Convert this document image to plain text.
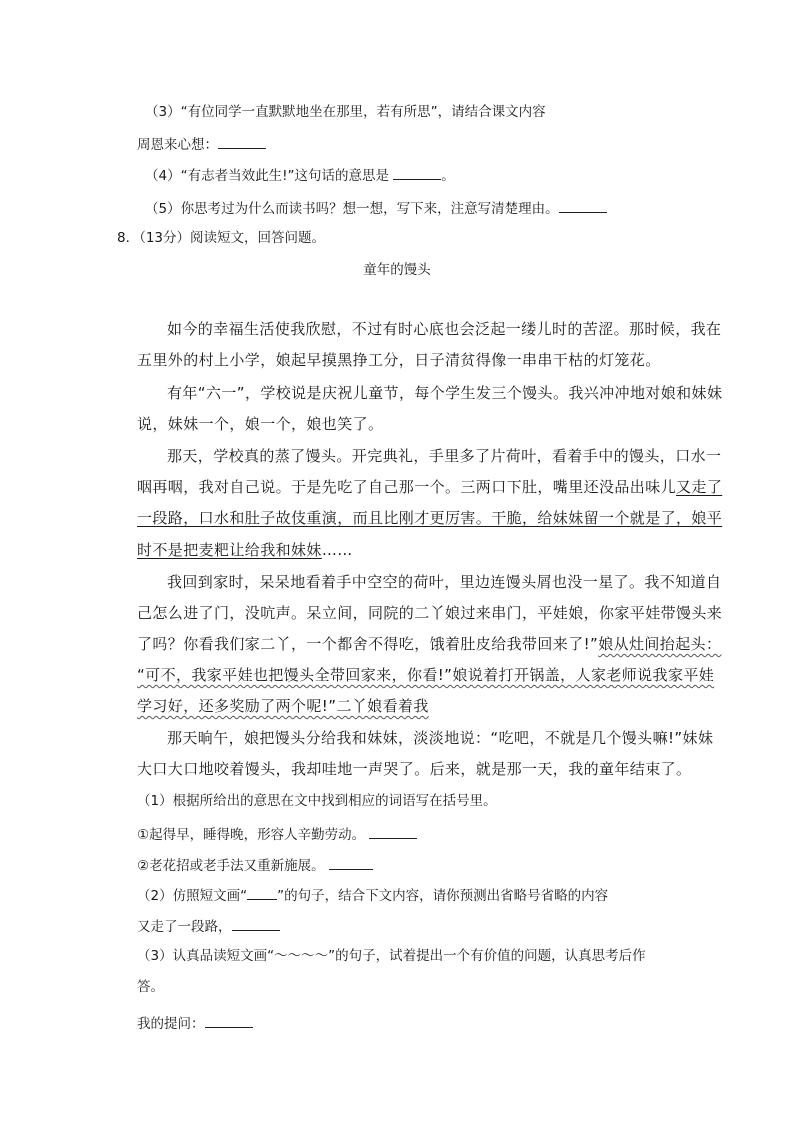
（3）“有位同学一直默默地坐在那里，若有所思”，请结合课文内容
周恩来心想：
（4）“有志者当效此生!”这句话的意思是	。
（5）你思考过为什么而读书吗？想一想，写下来，注意写清楚理由。
8．（13分）阅读短文，回答问题。
童年的馒头
如今的幸福生活使我欣慰，不过有时心底也会泛起一缕儿时的苦涩。那时候，我在
五里外的村上小学，娘起早摸黑挣工分，日子清贫得像一串串干枯的灯笼花。
有年“六一”，学校说是庆祝儿童节，每个学生发三个馒头。我兴冲冲地对娘和妹妹
说，妹妹一个，娘一个，娘也笑了。
那天，学校真的蒸了馒头。开完典礼，手里多了片荷叶，看着手中的馒头，口水一
咽再咽，我对自己说。于是先吃了自己那一个。三两口下肚，嘴里还没品出味儿又走了
一段路，口水和肚子故伎重演，而且比刚才更厉害。干脆，给妹妹留一个就是了，娘平
时不是把麦粑让给我和妹妹……
我回到家时，呆呆地看着手中空空的荷叶，里边连馒头屑也没一星了。我不知道自
己怎么进了门，没吭声。呆立间，同院的二丫娘过来串门，平娃娘，你家平娃带馒头来
了吗？你看我们家二丫，一个都舍不得吃，饿着肚皮给我带回来了!”娘从灶间抬起头：
“可不，我家平娃也把馒头全带回家来，你看!”娘说着打开锅盖，人家老师说我家平娃
学习好，还多奖励了两个呢!”二丫娘看着我
那天晌午，娘把馒头分给我和妹妹，淡淡地说：“吃吧，不就是几个馒头嘛!”妹妹
大口大口地咬着馒头，我却哇地一声哭了。后来，就是那一天，我的童年结束了。
（1）根据所给出的意思在文中找到相应的词语写在括号里。
①起得早，睡得晚，形容人辛勤劳动。
②老花招或老手法又重新施展。
（2）仿照短文画“ ”的句子，结合下文内容，请你预测出省略号省略的内容
又走了一段路，
（3）认真品读短文画“～～～～”的句子，试着提出一个有价值的问题，认真思考后作
答。
我的提问：
